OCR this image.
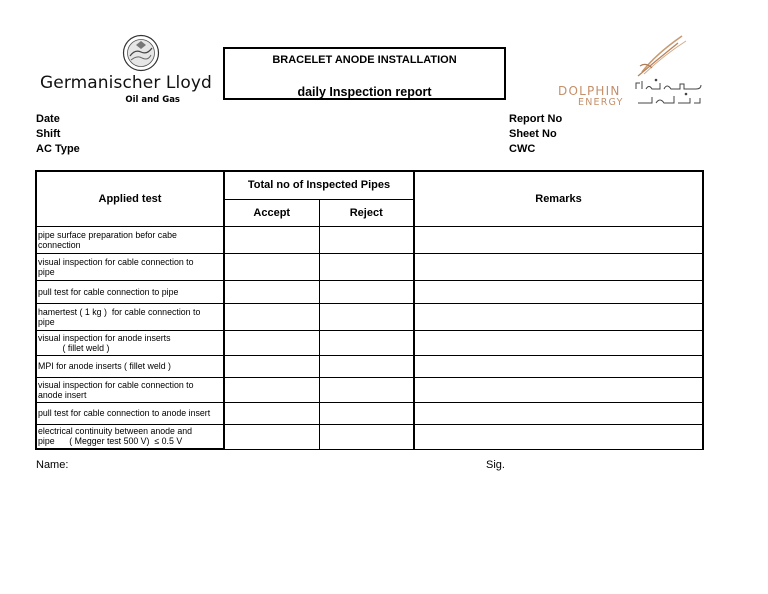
Germanischer Lloyd
Oil and Gas
BRACELET ANODE INSTALLATION
daily Inspection report	DOLPHIN
ENERGY
Date
Shift
AC Type
Report No
Sheet No
CWC
Applied test	Total no of Inspected Pipes		Remarks
	Accept	Reject	

pipe surface preparation befor cabe
connection			

visual inspection for cable connection to
pipe			

pull test for cable connection to pipe			

hamertest ( 1 kg )  for cable connection to
pipe			

visual inspection for anode inserts
( fillet weld )			

MPI for anode inserts ( fillet weld )			

visual inspection for cable connection to
anode insert			

pull test for cable connection to anode insert			

electrical continuity between anode and
pipe      ( Megger test 500 V)  ≤ 0.5 V			

Name:	Sig.
